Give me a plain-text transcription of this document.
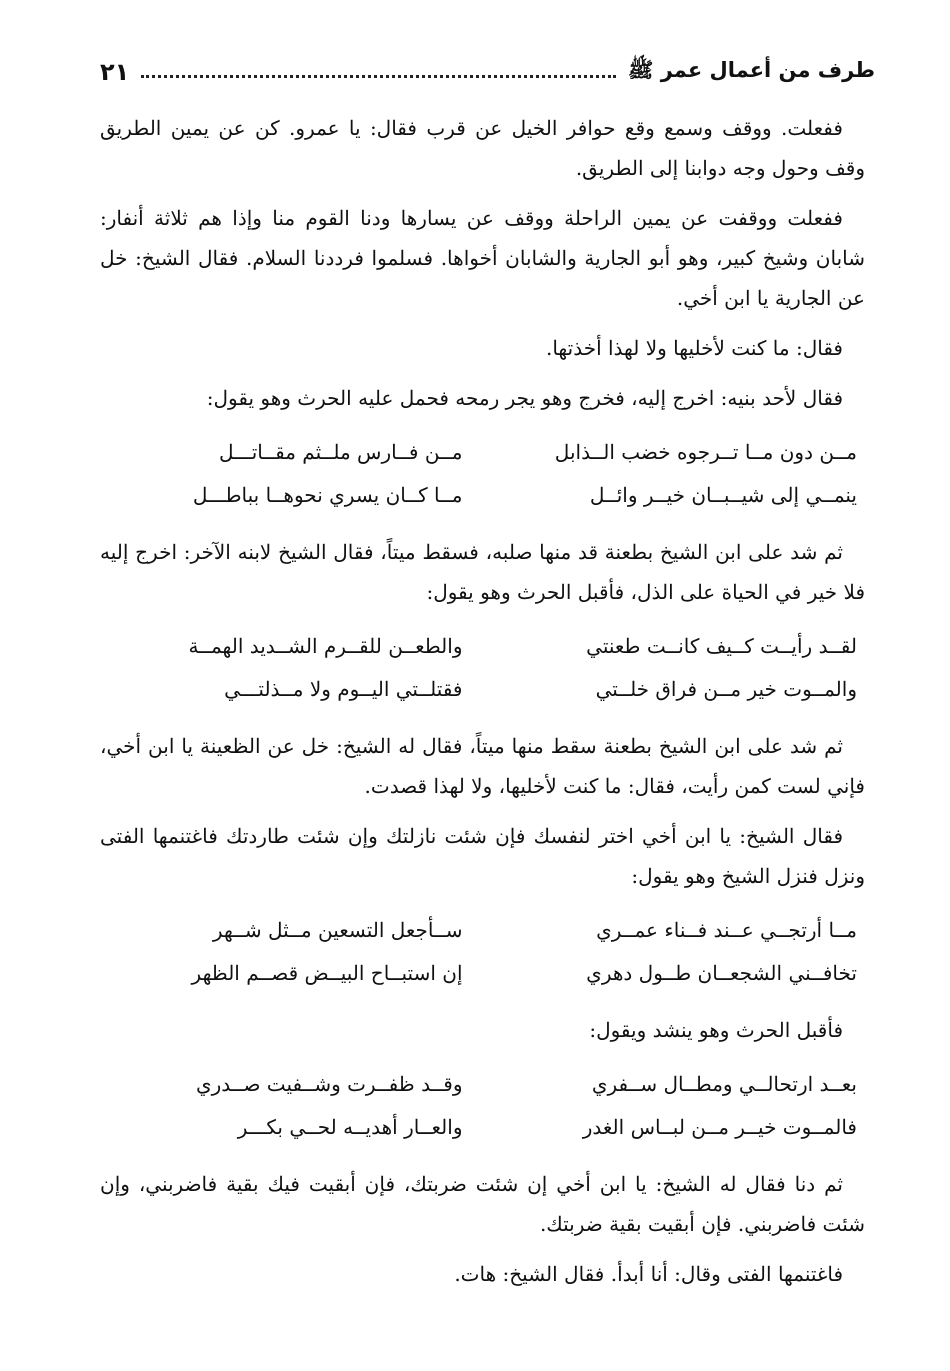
طرف من أعمال عمر ﷺ
٢١

ففعلت. ووقف وسمع وقع حوافر الخيل عن قرب فقال: يا عمرو. كن عن يمين الطريق وقف وحول وجه دوابنا إلى الطريق.

ففعلت ووقفت عن يمين الراحلة ووقف عن يسارها ودنا القوم منا وإذا هم ثلاثة أنفار: شابان وشيخ كبير، وهو أبو الجارية والشابان أخواها. فسلموا فرددنا السلام. فقال الشيخ: خل عن الجارية يا ابن أخي.

فقال: ما كنت لأخليها ولا لهذا أخذتها.

فقال لأحد بنيه: اخرج إليه، فخرج وهو يجر رمحه فحمل عليه الحرث وهو يقول:

مــن دون مــا تــرجوه خضب الــذابل
مــن فــارس ملــثم مقــاتـــل
ينمــي إلى شيــبــان خيــر وائــل
مــا كــان يسري نحوهــا بباطـــل

ثم شد على ابن الشيخ بطعنة قد منها صلبه، فسقط ميتاً، فقال الشيخ لابنه الآخر: اخرج إليه فلا خير في الحياة على الذل، فأقبل الحرث وهو يقول:

لقــد رأيــت كــيف كانــت طعنتي
والطعــن للقــرم الشــديد الهمــة
والمــوت خير مــن فراق خلــتي
فقتلــتي اليــوم ولا مــذلتـــي

ثم شد على ابن الشيخ بطعنة سقط منها ميتاً، فقال له الشيخ: خل عن الظعينة يا ابن أخي، فإني لست كمن رأيت، فقال: ما كنت لأخليها، ولا لهذا قصدت.

فقال الشيخ: يا ابن أخي اختر لنفسك فإن شئت نازلتك وإن شئت طاردتك فاغتنمها الفتى ونزل فنزل الشيخ وهو يقول:

مــا أرتجــي عــند فــناء عمــري
ســأجعل التسعين مــثل شــهر
تخافــني الشجعــان طــول دهري
إن استبــاح البيــض قصــم الظهر

فأقبل الحرث وهو ينشد ويقول:

بعــد ارتحالــي ومطــال ســفري
وقــد ظفــرت وشــفيت صــدري
فالمــوت خيــر مــن لبــاس الغدر
والعــار أهديــه لحــي بكـــر

ثم دنا فقال له الشيخ: يا ابن أخي إن شئت ضربتك، فإن أبقيت فيك بقية فاضربني، وإن شئت فاضربني. فإن أبقيت بقية ضربتك.

فاغتنمها الفتى وقال: أنا أبدأ. فقال الشيخ: هات.
